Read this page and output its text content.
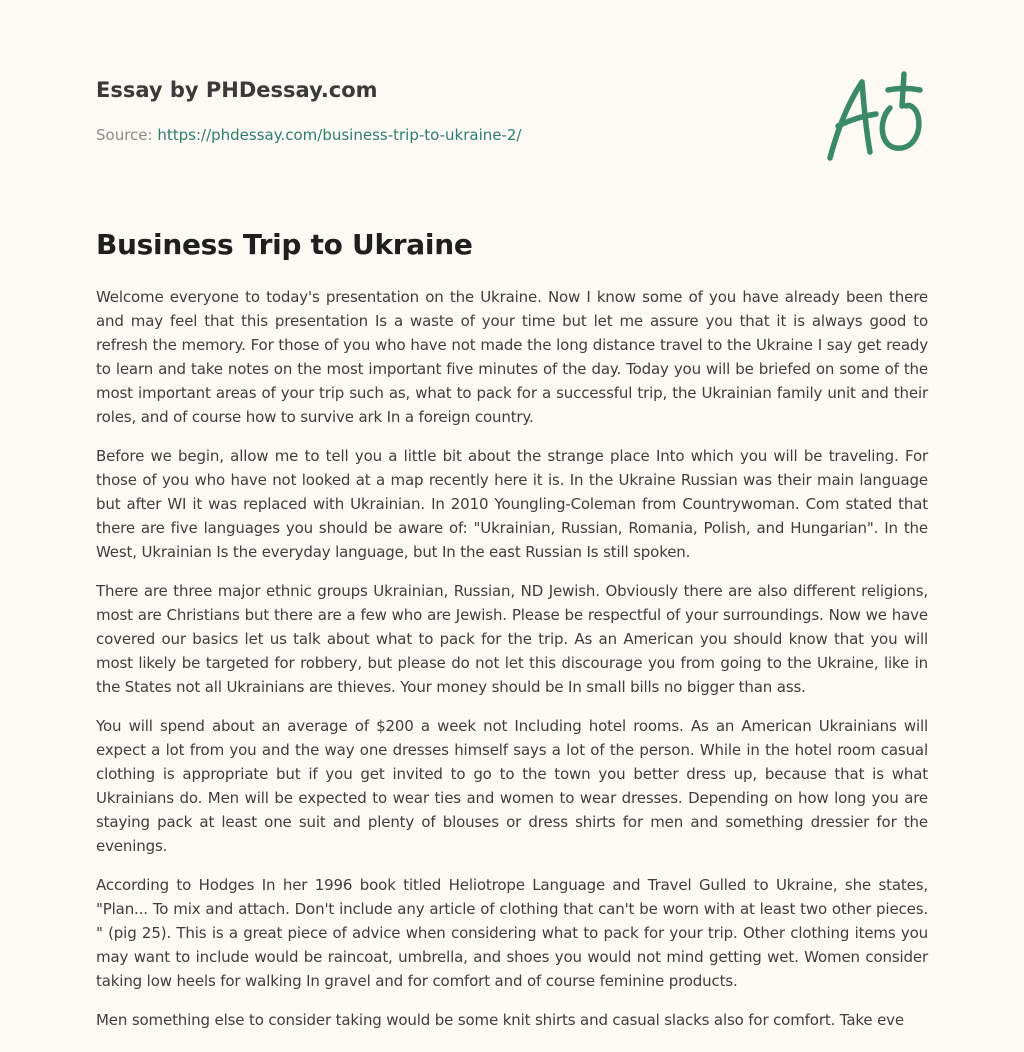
Essay by PHDessay.com
Source: https://phdessay.com/business-trip-to-ukraine-2/
Business Trip to Ukraine

Welcome everyone to today's presentation on the Ukraine. Now I know some of you have already been there and may feel that this presentation Is a waste of your time but let me assure you that it is always good to refresh the memory. For those of you who have not made the long distance travel to the Ukraine I say get ready to learn and take notes on the most important five minutes of the day. Today you will be briefed on some of the most important areas of your trip such as, what to pack for a successful trip, the Ukrainian family unit and their roles, and of course how to survive ark In a foreign country.

Before we begin, allow me to tell you a little bit about the strange place Into which you will be traveling. For those of you who have not looked at a map recently here it is. In the Ukraine Russian was their main language but after WI it was replaced with Ukrainian. In 2010 Youngling-Coleman from Countrywoman. Com stated that there are five languages you should be aware of: "Ukrainian, Russian, Romania, Polish, and Hungarian". In the West, Ukrainian Is the everyday language, but In the east Russian Is still spoken.

There are three major ethnic groups Ukrainian, Russian, ND Jewish. Obviously there are also different religions, most are Christians but there are a few who are Jewish. Please be respectful of your surroundings. Now we have covered our basics let us talk about what to pack for the trip. As an American you should know that you will most likely be targeted for robbery, but please do not let this discourage you from going to the Ukraine, like in the States not all Ukrainians are thieves. Your money should be In small bills no bigger than ass.

You will spend about an average of $200 a week not Including hotel rooms. As an American Ukrainians will expect a lot from you and the way one dresses himself says a lot of the person. While in the hotel room casual clothing is appropriate but if you get invited to go to the town you better dress up, because that is what Ukrainians do. Men will be expected to wear ties and women to wear dresses. Depending on how long you are staying pack at least one suit and plenty of blouses or dress shirts for men and something dressier for the evenings.

According to Hodges In her 1996 book titled Heliotrope Language and Travel Gulled to Ukraine, she states, "Plan... To mix and attach. Don't include any article of clothing that can't be worn with at least two other pieces. " (pig 25). This is a great piece of advice when considering what to pack for your trip. Other clothing items you may want to include would be raincoat, umbrella, and shoes you would not mind getting wet. Women consider taking low heels for walking In gravel and for comfort and of course feminine products.

Men something else to consider taking would be some knit shirts and casual slacks also for comfort. Take eve
